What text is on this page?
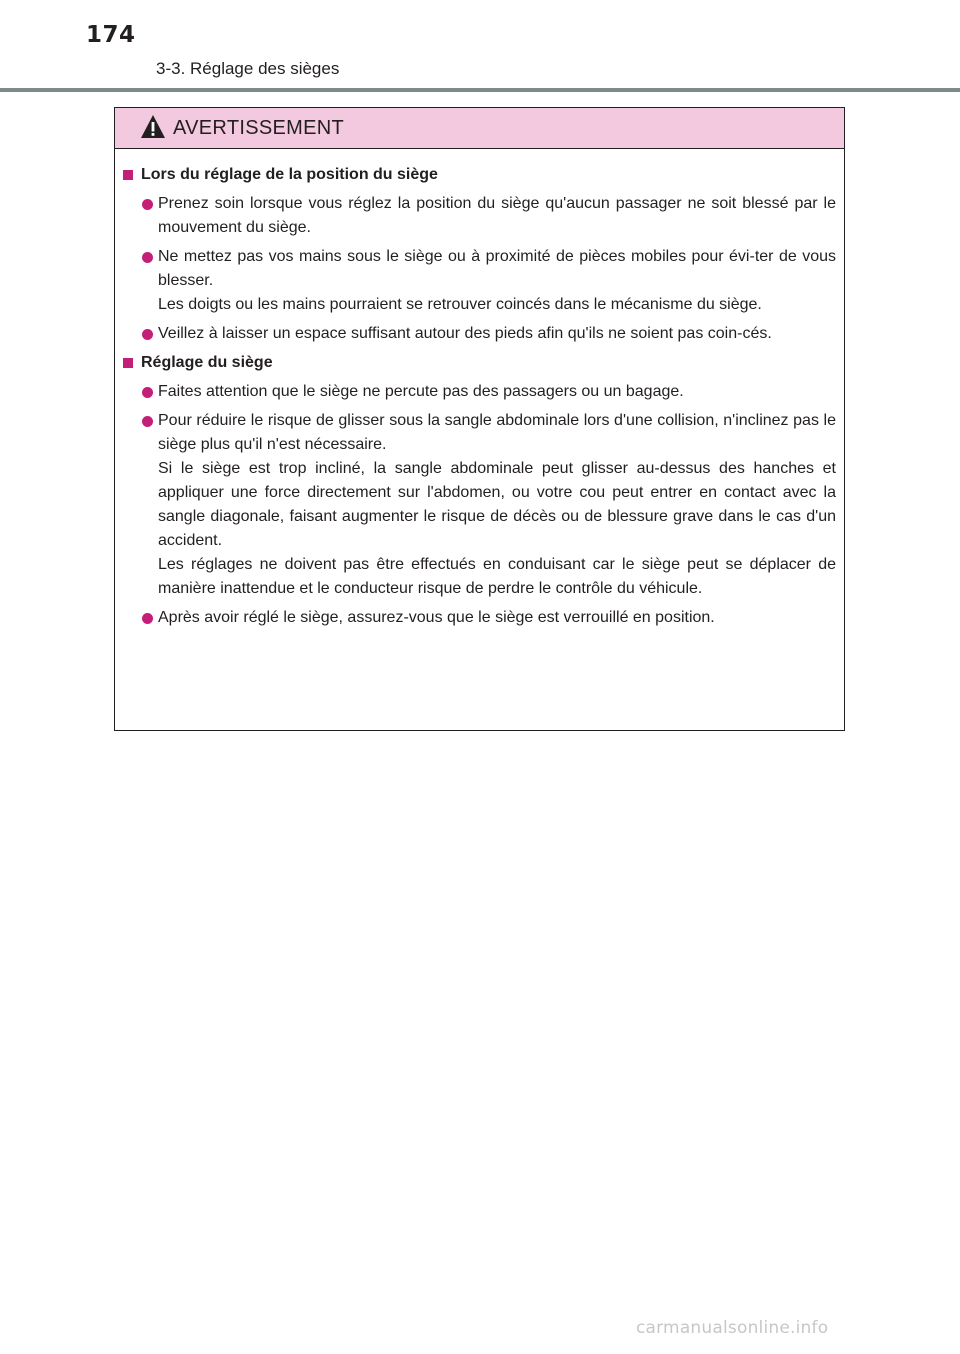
174
3-3. Réglage des sièges
AVERTISSEMENT
Lors du réglage de la position du siège
Prenez soin lorsque vous réglez la position du siège qu'aucun passager ne soit blessé par le mouvement du siège.
Ne mettez pas vos mains sous le siège ou à proximité de pièces mobiles pour évi-ter de vous blesser.
Les doigts ou les mains pourraient se retrouver coincés dans le mécanisme du siège.
Veillez à laisser un espace suffisant autour des pieds afin qu'ils ne soient pas coin-cés.
Réglage du siège
Faites attention que le siège ne percute pas des passagers ou un bagage.
Pour réduire le risque de glisser sous la sangle abdominale lors d'une collision, n'inclinez pas le siège plus qu'il n'est nécessaire.
Si le siège est trop incliné, la sangle abdominale peut glisser au-dessus des hanches et appliquer une force directement sur l'abdomen, ou votre cou peut entrer en contact avec la sangle diagonale, faisant augmenter le risque de décès ou de blessure grave dans le cas d'un accident.
Les réglages ne doivent pas être effectués en conduisant car le siège peut se déplacer de manière inattendue et le conducteur risque de perdre le contrôle du véhicule.
Après avoir réglé le siège, assurez-vous que le siège est verrouillé en position.
carmanualsonline.info
